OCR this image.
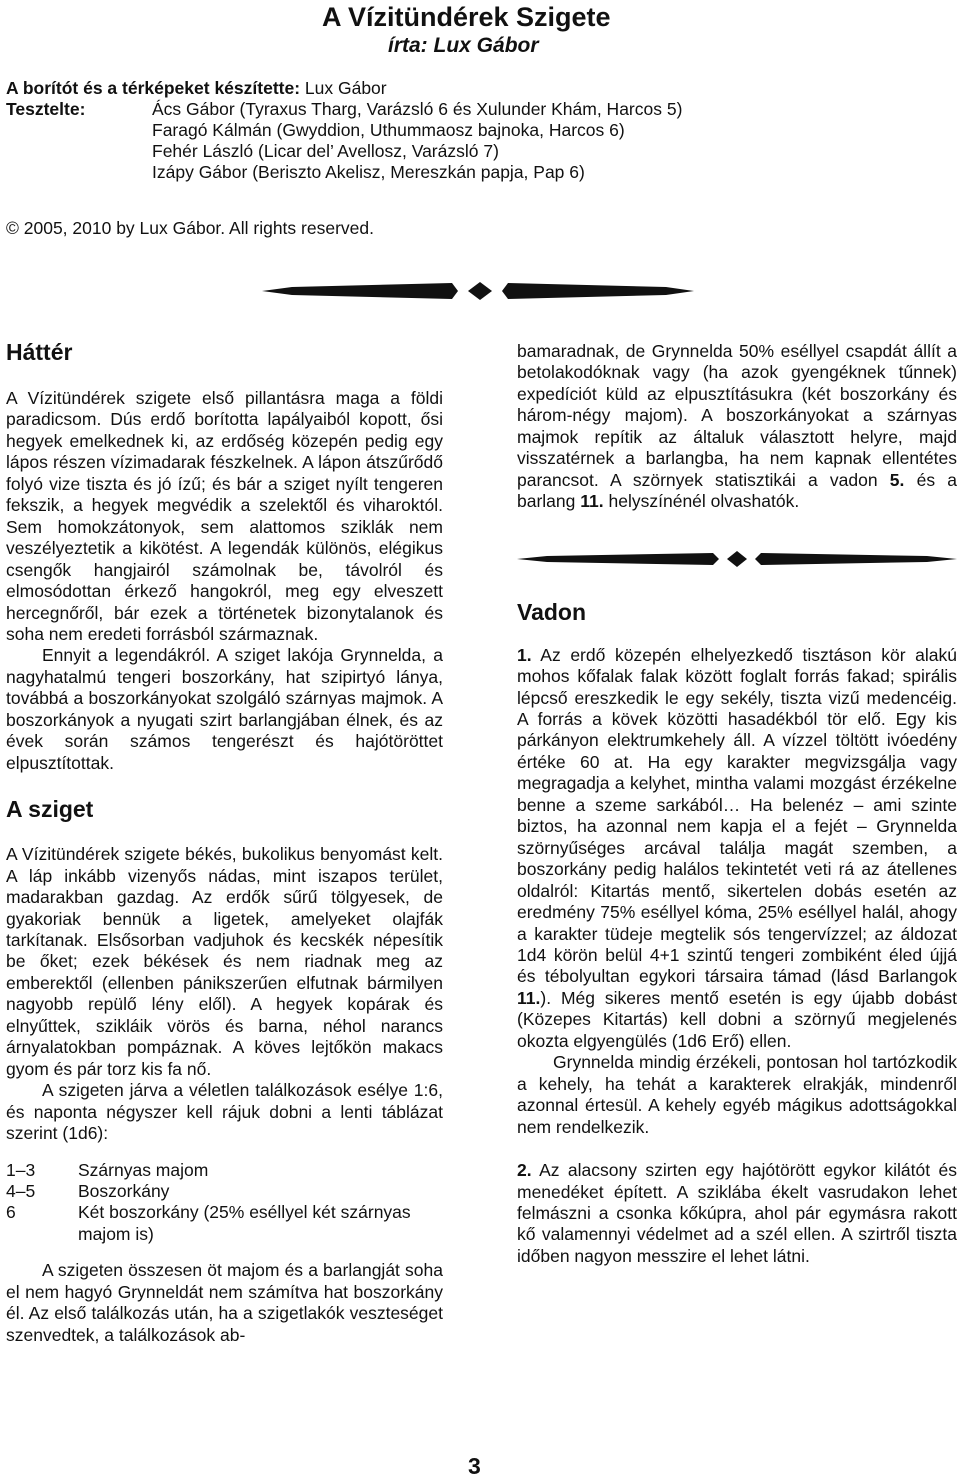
A Vízitündérek Szigete
írta: Lux Gábor
A borítót és a térképeket készítette: Lux Gábor
Tesztelte:	Ács Gábor (Tyraxus Tharg, Varázsló 6 és Xulunder Khám, Harcos 5)
Faragó Kálmán (Gwyddion, Uthummaosz bajnoka, Harcos 6)
Fehér László (Licar del’ Avellosz, Varázsló 7)
Izápy Gábor (Beriszto Akelisz, Mereszkán papja, Pap 6)
© 2005, 2010 by Lux Gábor. All rights reserved.
Háttér

A Vízitündérek szigete első pillantásra maga a földi paradicsom. Dús erdő borította lapályaiból kopott, ősi hegyek emelkednek ki, az erdőség közepén pedig egy lápos részen vízimadarak fészkelnek. A lápon átszűrődő folyó vize tiszta és jó ízű; és bár a sziget nyílt tengeren fekszik, a hegyek megvédik a szelektől és viharoktól. Sem homokzátonyok, sem alattomos sziklák nem veszélyeztetik a kikötést. A legendák különös, elégikus csengők hangjairól számolnak be, távolról és elmosódottan érkező hangokról, meg egy elveszett hercegnőről, bár ezek a történetek bizonytalanok és soha nem eredeti forrásból származnak.

Ennyit a legendákról. A sziget lakója Grynnelda, a nagyhatalmú tengeri boszorkány, hat szipirtyó lánya, továbbá a boszorkányokat szolgáló szárnyas majmok. A boszorkányok a nyugati szirt barlangjában élnek, és az évek során számos tengerészt és hajótöröttet elpusztítottak.

A sziget

A Vízitündérek szigete békés, bukolikus benyomást kelt. A láp inkább vizenyős nádas, mint iszapos terület, madarakban gazdag. Az erdők sűrű tölgyesek, de gyakoriak bennük a ligetek, amelyeket olajfák tarkítanak. Elsősorban vadjuhok és kecskék népesítik be őket; ezek békések és nem riadnak meg az emberektől (ellenben pánikszerűen elfutnak bármilyen nagyobb repülő lény elől). A hegyek kopárak és elnyűttek, szikláik vörös és barna, néhol narancs árnyalatokban pompáznak. A köves lejtőkön makacs gyom és pár torz kis fa nő.

A szigeten járva a véletlen találkozások esélye 1:6, és naponta négyszer kell rájuk dobni a lenti táblázat szerint (1d6):

1–3	Szárnyas majom
4–5	Boszorkány
6	Két boszorkány (25% eséllyel két szárnyas majom is)

A szigeten összesen öt majom és a barlangját soha el nem hagyó Grynneldát nem számítva hat boszorkány él. Az első találkozás után, ha a szigetlakók veszteséget szenvedtek, a találkozások ab-

bamaradnak, de Grynnelda 50% eséllyel csapdát állít a betolakodóknak vagy (ha azok gyengéknek tűnnek) expedíciót küld az elpusztításukra (két boszorkány és három-négy majom). A boszorkányokat a szárnyas majmok repítik az általuk választott helyre, majd visszatérnek a barlangba, ha nem kapnak ellentétes parancsot. A szörnyek statisztikái a vadon 5. és a barlang 11. helyszínénél olvashatók.

Vadon

1. Az erdő közepén elhelyezkedő tisztáson kör alakú mohos kőfalak falak között foglalt forrás fakad; spirális lépcső ereszkedik le egy sekély, tiszta vizű medencéig. A forrás a kövek közötti hasadékból tör elő. Egy kis párkányon elektrumkehely áll. A vízzel töltött ivóedény értéke 60 at. Ha egy karakter megvizsgálja vagy megragadja a kelyhet, mintha valami mozgást érzékelne benne a szeme sarkából… Ha belenéz – ami szinte biztos, ha azonnal nem kapja el a fejét – Grynnelda szörnyűséges arcával találja magát szemben, a boszorkány pedig halálos tekintetét veti rá az átellenes oldalról: Kitartás mentő, sikertelen dobás esetén az eredmény 75% eséllyel kóma, 25% eséllyel halál, ahogy a karakter tüdeje megtelik sós tengervízzel; az áldozat 1d4 körön belül 4+1 szintű tengeri zombiként éled újjá és tébolyultan egykori társaira támad (lásd Barlangok 11.). Még sikeres mentő esetén is egy újabb dobást (Közepes Kitartás) kell dobni a szörnyű megjelenés okozta elgyengülés (1d6 Erő) ellen.

Grynnelda mindig érzékeli, pontosan hol tartózkodik a kehely, ha tehát a karakterek elrakják, mindenről azonnal értesül. A kehely egyéb mágikus adottságokkal nem rendelkezik.

2. Az alacsony szirten egy hajótörött egykor kilátót és menedéket épített. A sziklába ékelt vasrudakon lehet felmászni a csonka kőkúpra, ahol pár egymásra rakott kő valamennyi védelmet ad a szél ellen. A szirtről tiszta időben nagyon messzire el lehet látni.

3
